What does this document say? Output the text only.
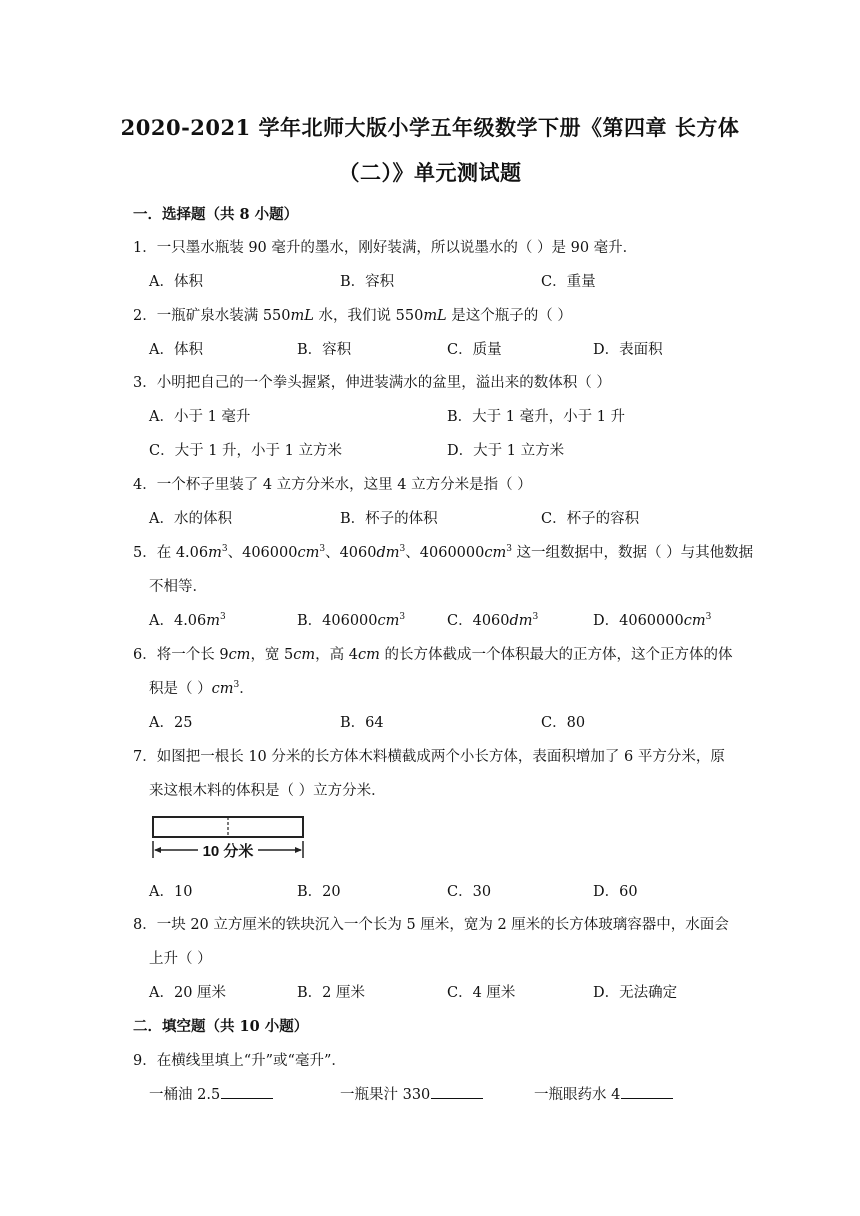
2020-2021 学年北师大版小学五年级数学下册《第四章 长方体
（二）》单元测试题
一．选择题（共 8 小题）
1．一只墨水瓶装 90 毫升的墨水，刚好装满，所以说墨水的（ ）是 90 毫升．
A．体积	B．容积	C．重量
2．一瓶矿泉水装满 550mL 水，我们说 550mL 是这个瓶子的（ ）
A．体积	B．容积	C．质量	D．表面积
3．小明把自己的一个拳头握紧，伸进装满水的盆里，溢出来的数体积（ ）
A．小于 1 毫升	B．大于 1 毫升，小于 1 升
C．大于 1 升，小于 1 立方米	D．大于 1 立方米
4．一个杯子里装了 4 立方分米水，这里 4 立方分米是指（ ）
A．水的体积	B．杯子的体积	C．杯子的容积
5．在 $4.06m^3$、$406000cm^3$、$4060dm^3$、$4060000cm^3$ 这一组数据中，数据（ ）与其他数据
不相等．
A．$4.06m^3$	B．$406000cm^3$	C．$4060dm^3$	D．$4060000cm^3$
6．将一个长 9cm，宽 5cm，高 4cm 的长方体截成一个体积最大的正方体，这个正方体的体
积是（ ）$cm^3$．
A．25	B．64	C．80
7．如图把一根长 10 分米的长方体木料横截成两个小长方体，表面积增加了 6 平方分米，原
来这根木料的体积是（ ）立方分米．
10 分米
A．10	B．20	C．30	D．60
8．一块 20 立方厘米的铁块沉入一个长为 5 厘米，宽为 2 厘米的长方体玻璃容器中，水面会
上升（ ）
A．20 厘米	B．2 厘米	C．4 厘米	D．无法确定
二．填空题（共 10 小题）
9．在横线里填上“升”或“毫升”．
一桶油 2.5	一瓶果汁 330	一瓶眼药水 4
